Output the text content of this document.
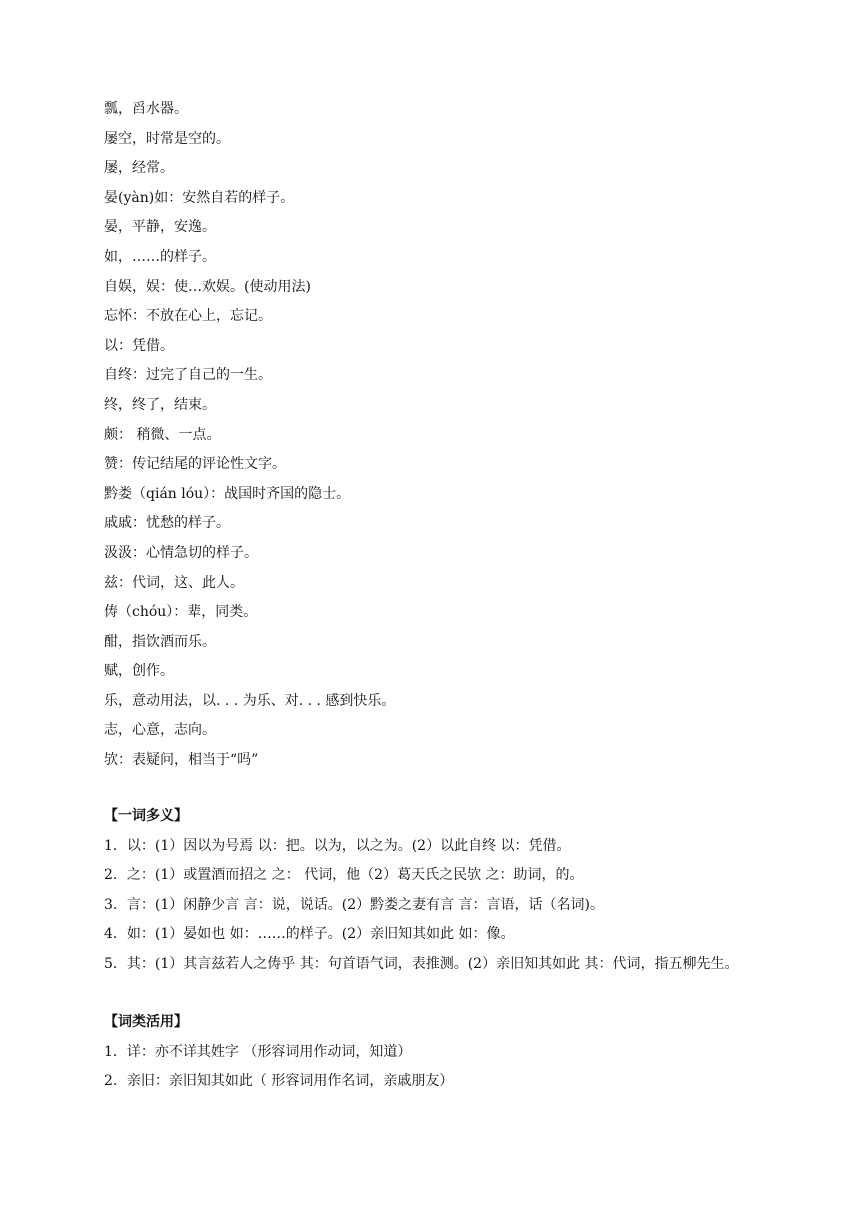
瓢，舀水器。
屡空，时常是空的。
屡，经常。
晏(yàn)如：安然自若的样子。
晏，平静，安逸。
如，……的样子。
自娱，娱：使…欢娱。(使动用法)
忘怀：不放在心上，忘记。
以：凭借。
自终：过完了自己的一生。
终，终了，结束。
颇： 稍微、一点。
赞：传记结尾的评论性文字。
黔娄（qián lóu）：战国时齐国的隐士。
戚戚：忧愁的样子。
汲汲：心情急切的样子。
兹：代词，这、此人。
俦（chóu）：辈，同类。
酣，指饮酒而乐。
赋，创作。
乐，意动用法，以. . . 为乐、对. . . 感到快乐。
志，心意，志向。
欤：表疑问，相当于“吗”
【一词多义】
1．以：(1）因以为号焉 以：把。以为，以之为。(2）以此自终 以：凭借。
2．之：(1）或置酒而招之 之： 代词，他（2）葛天氏之民欤 之：助词，的。
3．言：(1）闲静少言 言：说，说话。(2）黔娄之妻有言 言：言语，话（名词)。
4．如：(1）晏如也 如：……的样子。(2）亲旧知其如此 如：像。
5．其：(1）其言兹若人之俦乎 其：句首语气词，表推测。(2）亲旧知其如此 其：代词，指五柳先生。
【词类活用】
1．详：亦不详其姓字 （形容词用作动词，知道）
2．亲旧：亲旧知其如此（ 形容词用作名词，亲戚朋友）
